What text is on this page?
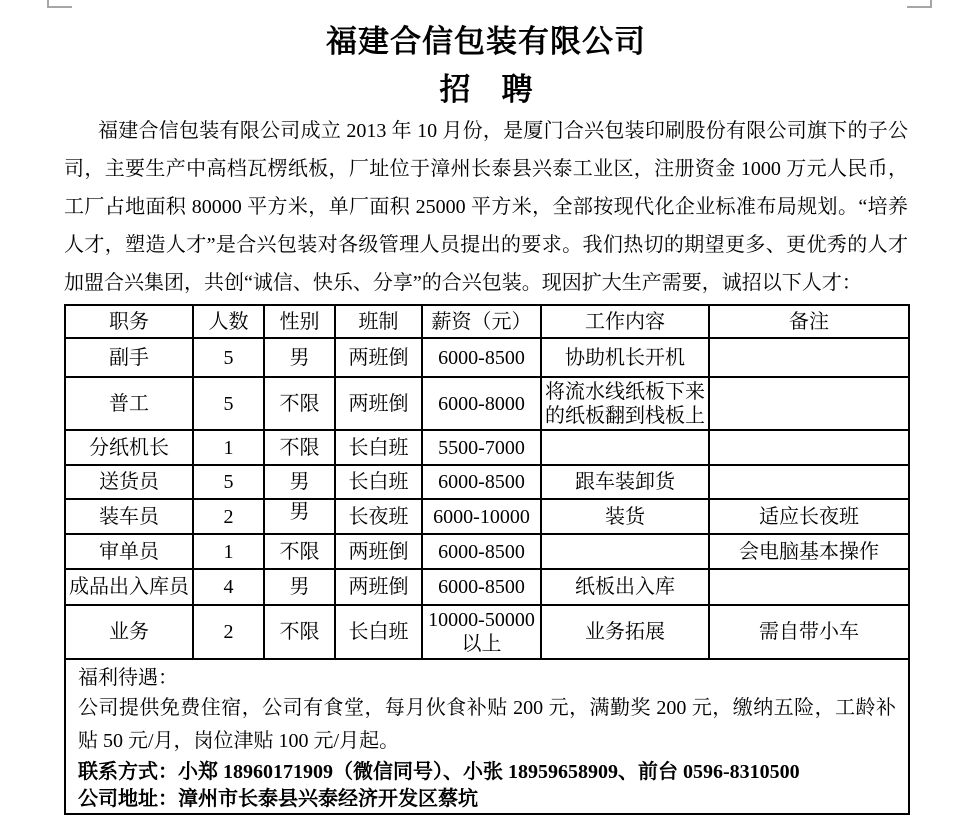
福建合信包装有限公司
招　聘
福建合信包装有限公司成立 2013 年 10 月份，是厦门合兴包装印刷股份有限公司旗下的子公司，主要生产中高档瓦楞纸板，厂址位于漳州长泰县兴泰工业区，注册资金 1000 万元人民币，工厂占地面积 80000 平方米，单厂面积 25000 平方米，全部按现代化企业标准布局规划。“培养人才，塑造人才”是合兴包装对各级管理人员提出的要求。我们热切的期望更多、更优秀的人才加盟合兴集团，共创“诚信、快乐、分享”的合兴包装。现因扩大生产需要，诚招以下人才：
职务	人数	性别	班制	薪资（元）	工作内容	备注
副手	5	男	两班倒	6000-8500	协助机长开机	
普工	5	不限	两班倒	6000-8000	将流水线纸板下来的纸板翻到栈板上	
分纸机长	1	不限	长白班	5500-7000		
送货员	5	男	长白班	6000-8500	跟车装卸货	
装车员	2	男	长夜班	6000-10000	装货	适应长夜班
审单员	1	不限	两班倒	6000-8500		会电脑基本操作
成品出入库员	4	男	两班倒	6000-8500	纸板出入库	
业务	2	不限	长白班	10000-50000以上	业务拓展	需自带小车

福利待遇：
公司提供免费住宿，公司有食堂，每月伙食补贴 200 元，满勤奖 200 元，缴纳五险，工龄补贴 50 元/月，岗位津贴 100 元/月起。
联系方式：小郑 18960171909（微信同号）、小张 18959658909、前台 0596-8310500
公司地址：漳州市长泰县兴泰经济开发区蔡坑						
